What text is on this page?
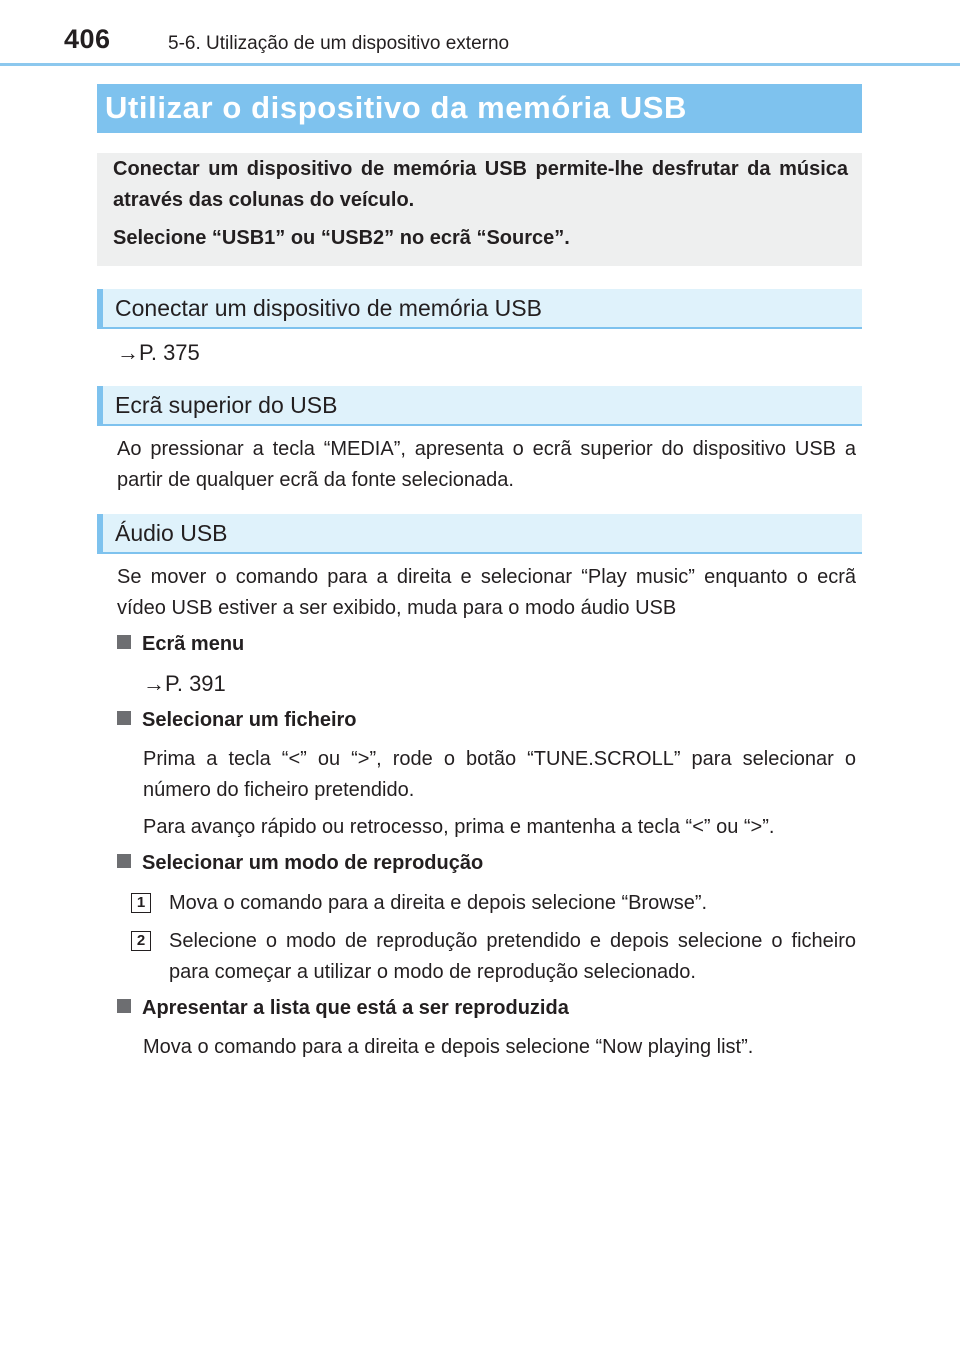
406	5-6. Utilização de um dispositivo externo
Utilizar o dispositivo da memória USB

Conectar um dispositivo de memória USB permite-lhe desfrutar da música

através das colunas do veículo.

Selecione “USB1” ou “USB2” no ecrã “Source”.

Conectar um dispositivo de memória USB

→P. 375

Ecrã superior do USB

Ao pressionar a tecla “MEDIA”, apresenta o ecrã superior do dispositivo USB a partir de qualquer ecrã da fonte selecionada.

Áudio USB

Se mover o comando para a direita e selecionar “Play music” enquanto o ecrã vídeo USB estiver a ser exibido, muda para o modo áudio USB

Ecrã menu

→P. 391

Selecionar um ficheiro

Prima a tecla “<” ou “>”, rode o botão “TUNE.SCROLL” para selecionar o número do ficheiro pretendido.

Para avanço rápido ou retrocesso, prima e mantenha a tecla “<” ou “>”.

Selecionar um modo de reprodução
1 Mova o comando para a direita e depois selecione “Browse”.

2 Selecione o modo de reprodução pretendido e depois selecione o ficheiro para começar a utilizar o modo de reprodução selecionado.

Apresentar a lista que está a ser reproduzida

Mova o comando para a direita e depois selecione “Now playing list”.
